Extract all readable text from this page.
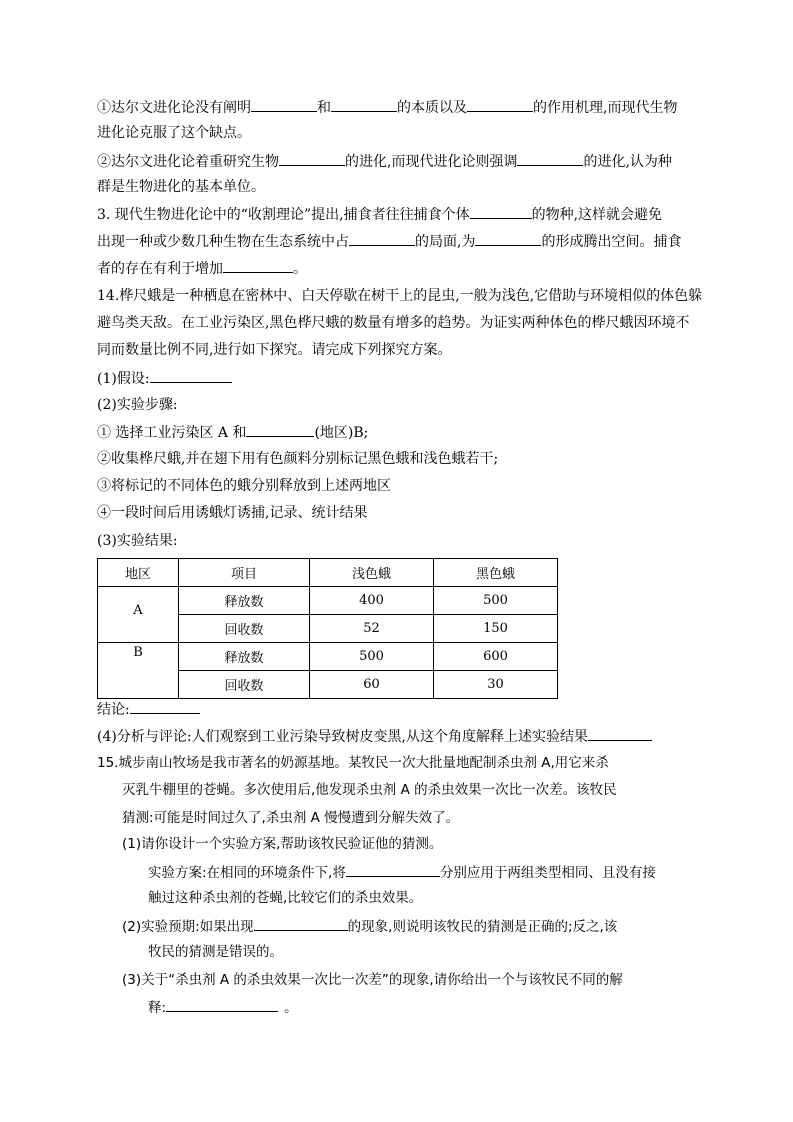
①达尔文进化论没有阐明	和	的本质以及	的作用机理,而现代生物
进化论克服了这个缺点。
②达尔文进化论着重研究生物	的进化,而现代进化论则强调	的进化,认为种
群是生物进化的基本单位。
3. 现代生物进化论中的“收割理论”提出,捕食者往往捕食个体	的物种,这样就会避免
出现一种或少数几种生物在生态系统中占	的局面,为	的形成腾出空间。捕食
者的存在有利于增加	。
14.桦尺蛾是一种栖息在密林中、白天停歇在树干上的昆虫,一般为浅色,它借助与环境相似的体色躲
避鸟类天敌。在工业污染区,黑色桦尺蛾的数量有增多的趋势。为证实两种体色的桦尺蛾因环境不
同而数量比例不同,进行如下探究。请完成下列探究方案。
(1)假设:
(2)实验步骤:
① 选择工业污染区 A 和	(地区)B;
②收集桦尺蛾,并在翅下用有色颜料分别标记黑色蛾和浅色蛾若干;
③将标记的不同体色的蛾分别释放到上述两地区
④一段时间后用诱蛾灯诱捕,记录、统计结果
(3)实验结果:
地区	项目	浅色蛾	黑色蛾
A	释放数	400	500
	回收数	52	150
B	释放数	500	600
	回收数	60	30
结论:
(4)分析与评论:人们观察到工业污染导致树皮变黑,从这个角度解释上述实验结果
15.城步南山牧场是我市著名的奶源基地。某牧民一次大批量地配制杀虫剂 A,用它来杀
灭乳牛棚里的苍蝇。多次使用后,他发现杀虫剂 A 的杀虫效果一次比一次差。该牧民
猜测:可能是时间过久了,杀虫剂 A 慢慢遭到分解失效了。
(1)请你设计一个实验方案,帮助该牧民验证他的猜测。
实验方案:在相同的环境条件下,将	分别应用于两组类型相同、且没有接
触过这种杀虫剂的苍蝇,比较它们的杀虫效果。
(2)实验预期:如果出现	的现象,则说明该牧民的猜测是正确的;反之,该
牧民的猜测是错误的。
(3)关于“杀虫剂 A 的杀虫效果一次比一次差”的现象,请你给出一个与该牧民不同的解
释:	。
